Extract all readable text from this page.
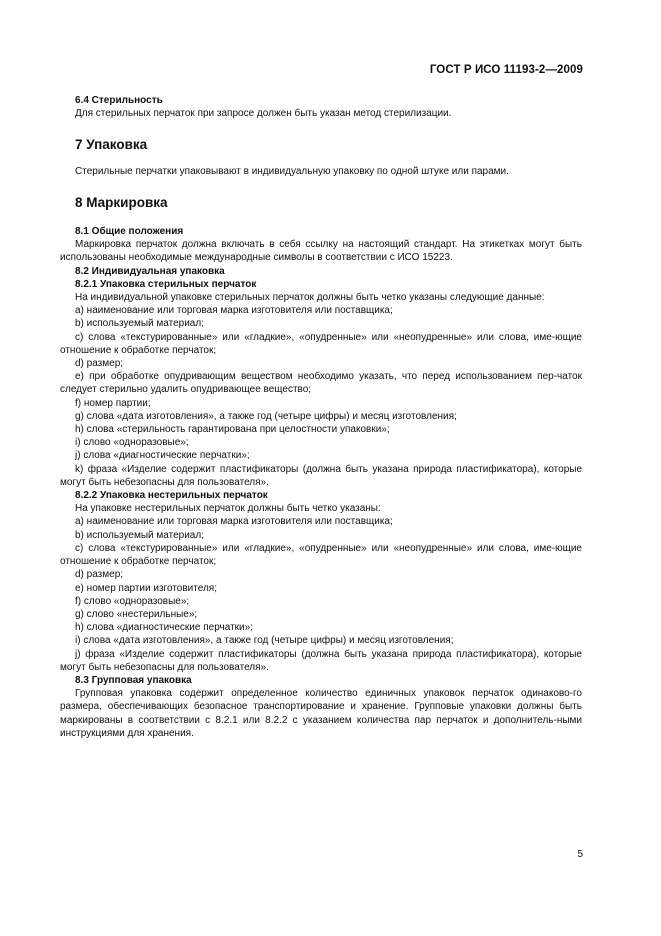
ГОСТ Р ИСО 11193-2—2009

6.4 Стерильность

Для стерильных перчаток при запросе должен быть указан метод стерилизации.

7 Упаковка

Стерильные перчатки упаковывают в индивидуальную упаковку по одной штуке или парами.

8 Маркировка

8.1 Общие положения

Маркировка перчаток должна включать в себя ссылку на настоящий стандарт. На этикетках могут быть использованы необходимые международные символы в соответствии с ИСО 15223.

8.2 Индивидуальная упаковка

8.2.1 Упаковка стерильных перчаток

На индивидуальной упаковке стерильных перчаток должны быть четко указаны следующие данные:

a) наименование или торговая марка изготовителя или поставщика;

b) используемый материал;

c) слова «текстурированные» или «гладкие», «опудренные» или «неопудренные» или слова, име-ющие отношение к обработке перчаток;

d) размер;

e) при обработке опудривающим веществом необходимо указать, что перед использованием пер-чаток следует стерильно удалить опудривающее вещество;

f) номер партии;

g) слова «дата изготовления», а также год (четыре цифры) и месяц изготовления;

h) слова «стерильность гарантирована при целостности упаковки»;

i) слово «одноразовые»;

j) слова «диагностические перчатки»;

k) фраза «Изделие содержит пластификаторы (должна быть указана природа пластификатора), которые могут быть небезопасны для пользователя».

8.2.2 Упаковка нестерильных перчаток

На упаковке нестерильных перчаток должны быть четко указаны:

a) наименование или торговая марка изготовителя или поставщика;

b) используемый материал;

c) слова «текстурированные» или «гладкие», «опудренные» или «неопудренные» или слова, име-ющие отношение к обработке перчаток;

d) размер;

e) номер партии изготовителя;

f) слово «одноразовые»;

g) слово «нестерильные»;

h) слова «диагностические перчатки»;

i) слова «дата изготовления», а также год (четыре цифры) и месяц изготовления;

j) фраза «Изделие содержит пластификаторы (должна быть указана природа пластификатора), которые могут быть небезопасны для пользователя».

8.3 Групповая упаковка

Групповая упаковка содержит определенное количество единичных упаковок перчаток одинаково-го размера, обеспечивающих безопасное транспортирование и хранение. Групповые упаковки должны быть маркированы в соответствии с 8.2.1 или 8.2.2 с указанием количества пар перчаток и дополнитель-ными инструкциями для хранения.

5
